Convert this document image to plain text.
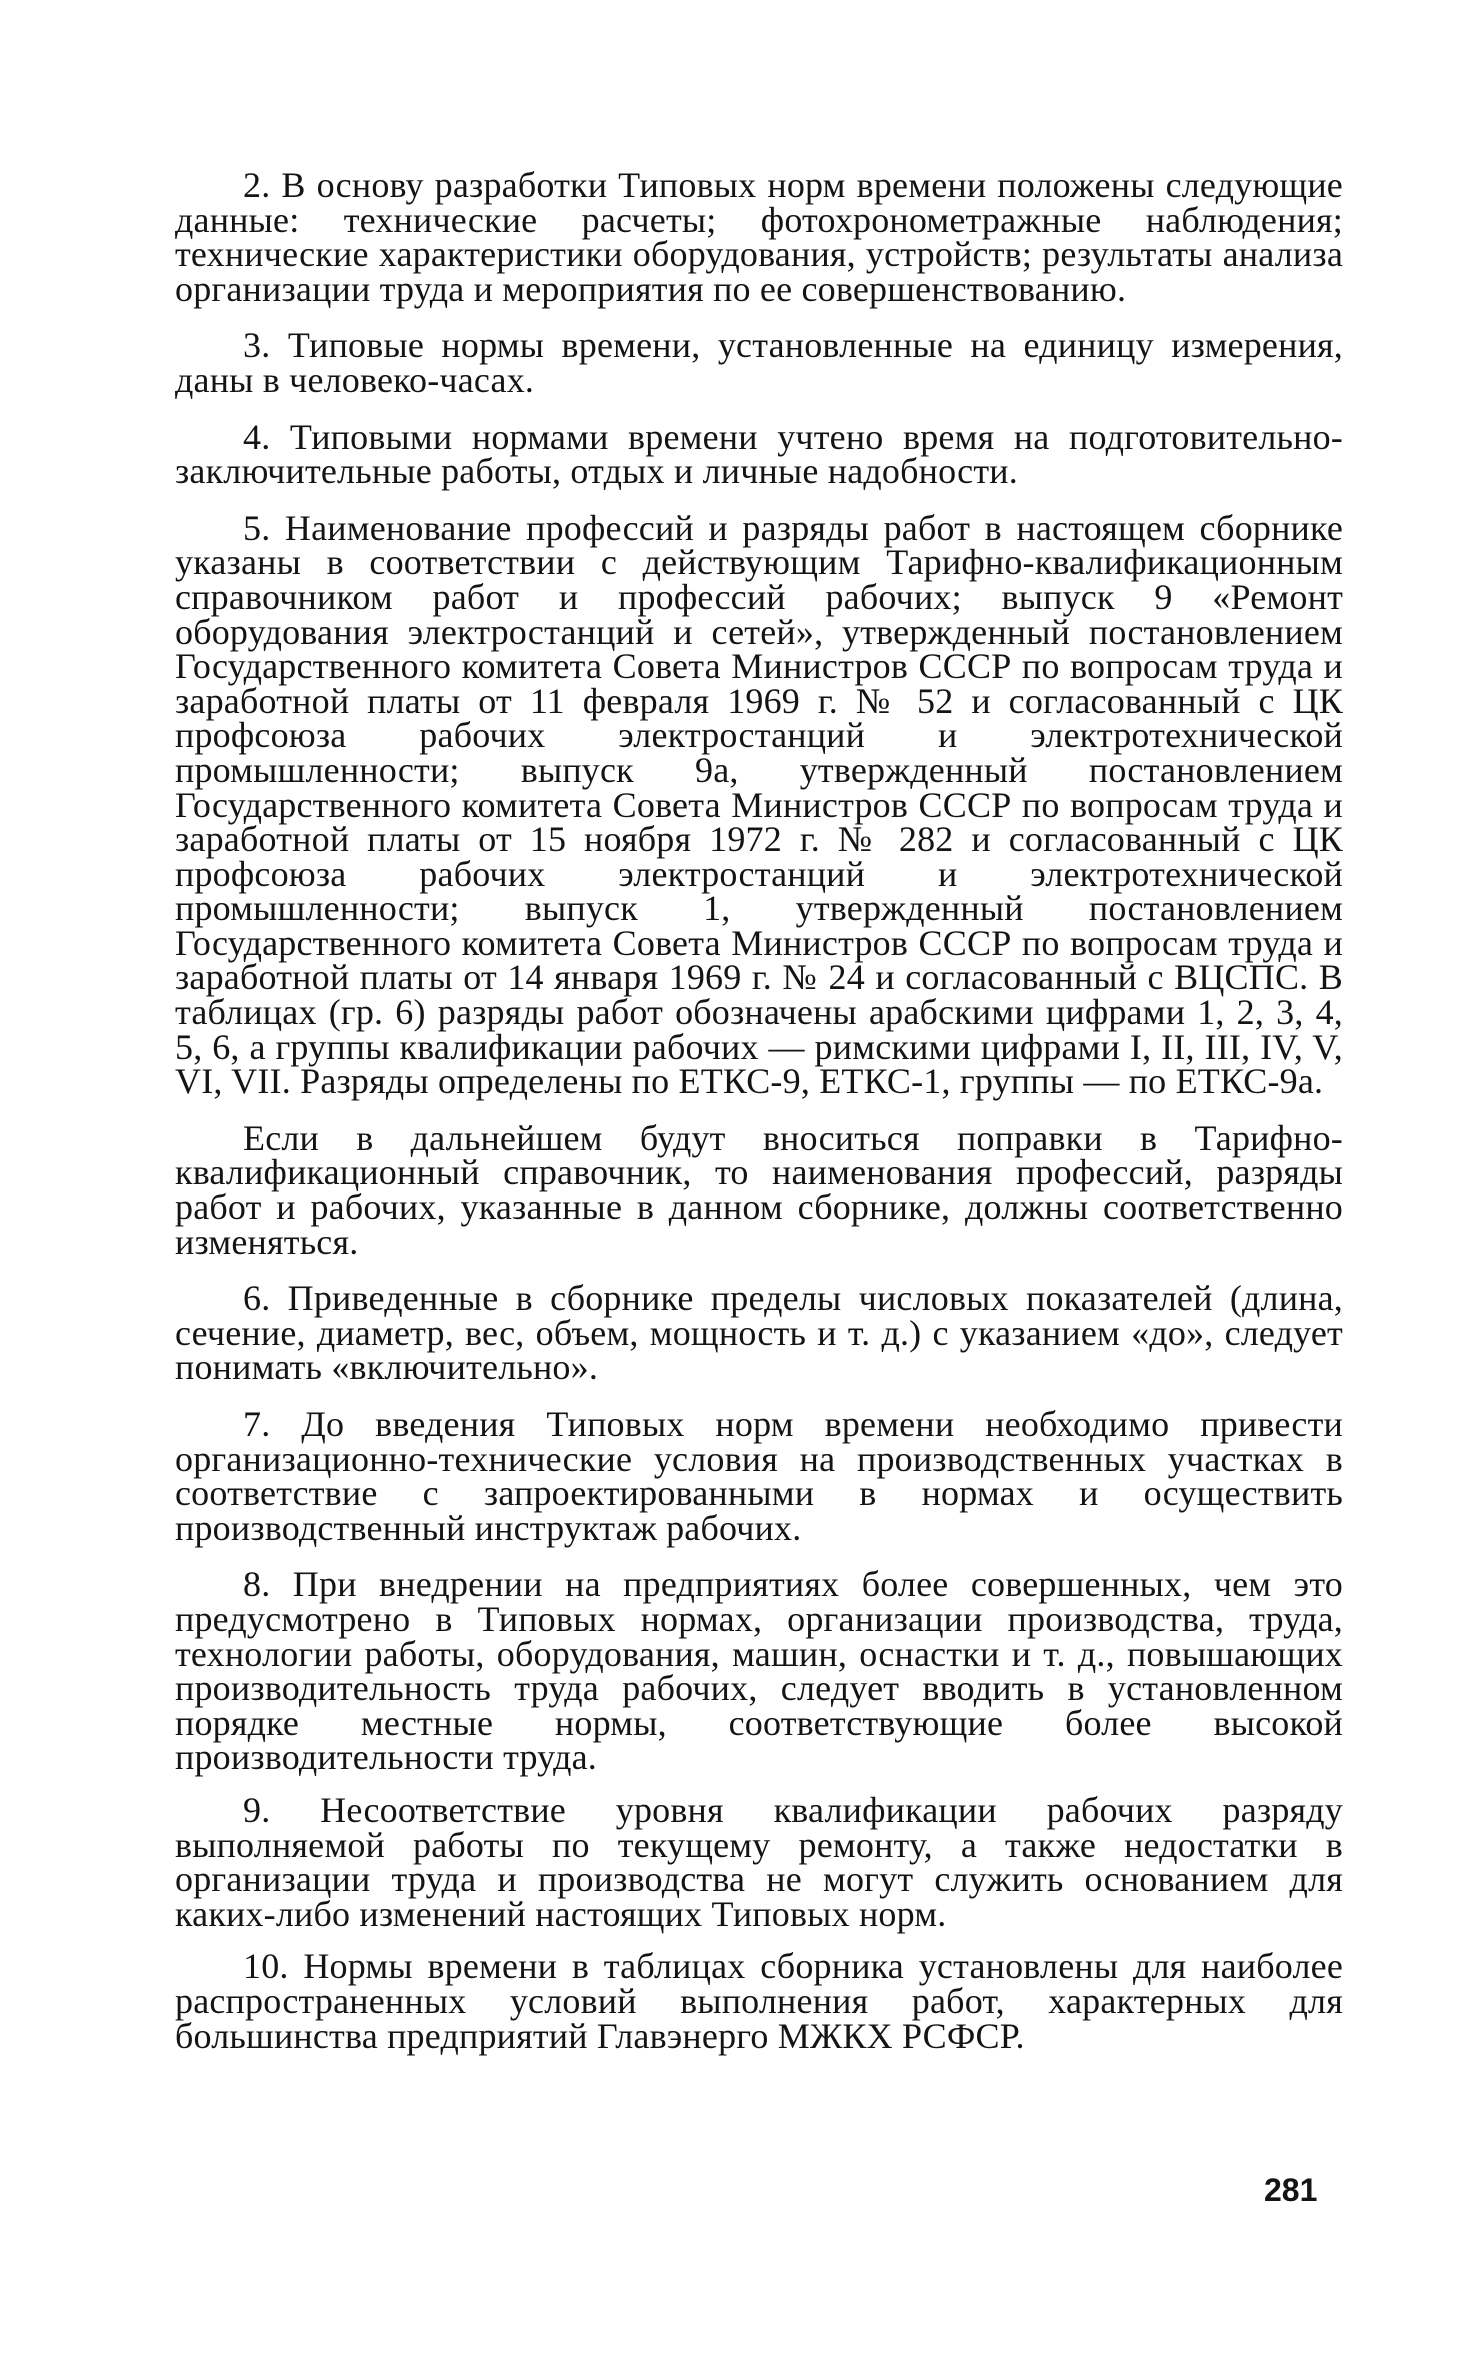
2. В основу разработки Типовых норм времени положены следующие данные: технические расчеты; фотохронометражные наблюдения; технические характеристики оборудования, устройств; результаты анализа организации труда и мероприятия по ее совершенствованию.

3. Типовые нормы времени, установленные на единицу измерения, даны в человеко-часах.

4. Типовыми нормами времени учтено время на подготовительно-заключительные работы, отдых и личные надобности.

5. Наименование профессий и разряды работ в настоящем сборнике указаны в соответствии с действующим Тарифно-квалификационным справочником работ и профессий рабочих; выпуск 9 «Ремонт оборудования электростанций и сетей», утвержденный постановлением Государственного комитета Совета Министров СССР по вопросам труда и заработной платы от 11 февраля 1969 г. № 52 и согласованный с ЦК профсоюза рабочих электростанций и электротехнической промышленности; выпуск 9а, утвержденный постановлением Государственного комитета Совета Министров СССР по вопросам труда и заработной платы от 15 ноября 1972 г. № 282 и согласованный с ЦК профсоюза рабочих электростанций и электротехнической промышленности; выпуск 1, утвержденный постановлением Государственного комитета Совета Министров СССР по вопросам труда и заработной платы от 14 января 1969 г. № 24 и согласованный с ВЦСПС. В таблицах (гр. 6) разряды работ обозначены арабскими цифрами 1, 2, 3, 4, 5, 6, а группы квалификации рабочих — римскими цифрами I, II, III, IV, V, VI, VII. Разряды определены по ЕТКС-9, ЕТКС-1, группы — по ЕТКС-9а.

Если в дальнейшем будут вноситься поправки в Тарифно-квалификационный справочник, то наименования профессий, разряды работ и рабочих, указанные в данном сборнике, должны соответственно изменяться.

6. Приведенные в сборнике пределы числовых показателей (длина, сечение, диаметр, вес, объем, мощность и т. д.) с указанием «до», следует понимать «включительно».

7. До введения Типовых норм времени необходимо привести организационно-технические условия на производственных участках в соответствие с запроектированными в нормах и осуществить производственный инструктаж рабочих.

8. При внедрении на предприятиях более совершенных, чем это предусмотрено в Типовых нормах, организации производства, труда, технологии работы, оборудования, машин, оснастки и т. д., повышающих производительность труда рабочих, следует вводить в установленном порядке местные нормы, соответствующие более высокой производительности труда.

9. Несоответствие уровня квалификации рабочих разряду выполняемой работы по текущему ремонту, а также недостатки в организации труда и производства не могут служить основанием для каких-либо изменений настоящих Типовых норм.

10. Нормы времени в таблицах сборника установлены для наиболее распространенных условий выполнения работ, характерных для большинства предприятий Главэнерго МЖКХ РСФСР.

281
